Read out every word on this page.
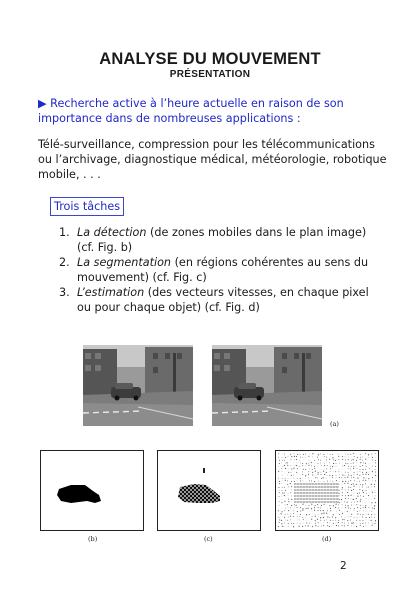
ANALYSE DU MOUVEMENT
PRÉSENTATION
▶ Recherche active à l’heure actuelle en raison de son importance dans de nombreuses applications :
Télé-surveillance, compression pour les télécommunications ou l’archivage, diagnostique médical, météorologie, robotique mobile, . . .
Trois tâches
1. La détection (de zones mobiles dans le plan image) (cf. Fig. b)
2. La segmentation (en régions cohérentes au sens du mouvement) (cf. Fig. c)
3. L’estimation (des vecteurs vitesses, en chaque pixel ou pour chaque objet) (cf. Fig. d)
(a)
(b)	(c)	(d)
2
